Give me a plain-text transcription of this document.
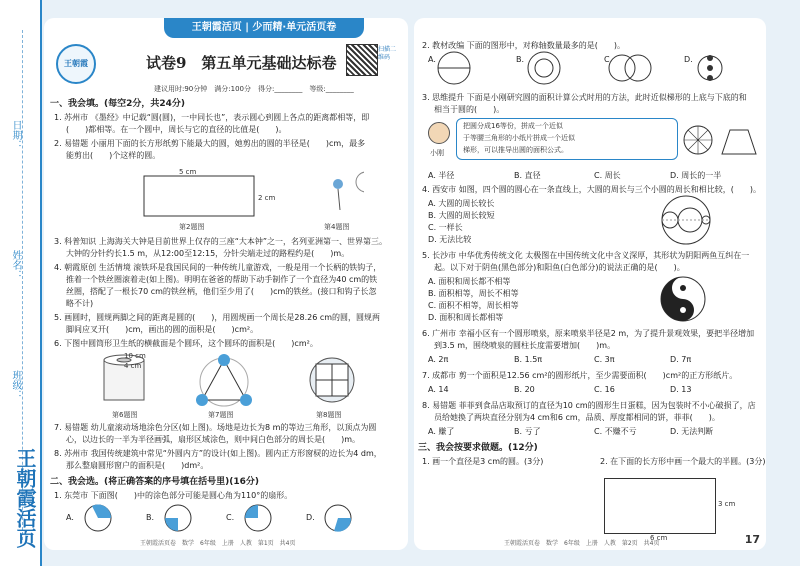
日期：
姓名：
班级：
王朝霞活页
王朝霞活页 | 少而精·单元活页卷
王朝霞	试卷9　第五单元基础达标卷
扫描二维码
建议用时:90分钟　满分:100分　得分:________　等级:________
一、我会填。(每空2分，共24分)
1. 苏州市 《墨经》中记载“圆(圆)，一中同长也”，表示圆心到圆上各点的距离都相等，即
(　　)都相等。在一个圆中，周长与它的直径的比值是(　　)。
2. 易错题 小丽用下面的长方形纸剪下能最大的圆，她剪出的圆的半径是(　　)cm，最多
能剪出(　　)个这样的圆。
5 cm
2 cm
第2题图	第4题图
3. 科普知识 上海海关大钟是目前世界上仅存的三座“大本钟”之一，名列亚洲第一、世界第三。
大钟的分针约长1.5 m，从12:00至12:15，分针尖端走过的路程约是(　　)m。
4. 朝霞原创 生活情境 滚铁环是我国民间的一种传统儿童游戏，一般是用一个长柄的铁钩子，
推着一个铁丝圈滚着走(如上图)。明明在爸爸的帮助下动手制作了一个直径为40 cm的铁
丝圈，搭配了一根长70 cm的铁丝柄，他们至少用了(　　)cm的铁丝。(接口和钩子长忽
略不计)
5. 画圆时，圆规两脚之间的距离是圆的(　　)，用圆规画一个周长是28.26 cm的圆，圆规两
脚间应叉开(　　)cm，画出的圆的面积是(　　)cm²。
6. 下图中圆筒形卫生纸的横截面是个圆环，这个圆环的面积是(　　)cm²。
10 cm
4 cm
第6题图	第7题图	第8题图
7. 易错题 幼儿童滚动场地涂色分区(如上图)。场地是边长为8 m的等边三角形，以顶点为圆
心，以边长的一半为半径画弧，扇形区域涂色，则中间白色部分的周长是(　　)m。
8. 苏州市 我国传统建筑中常见“外圆内方”的设计(如上图)。圆内正方形窗棂的边长为4 dm，
那么整扇圆形窗户的面积是(　　)dm²。
二、我会选。(将正确答案的序号填在括号里)(16分)
1. 东莞市 下面图(　　)中的涂色部分可能是圆心角为110°的扇形。
A.	B.	C.	D.
王朝霞活页卷　数学　6年级　上册　人教　第1页　共4页
2. 教材改编 下面的图形中，对称轴数量最多的是(　　)。
A.	B.	C.	D.
3. 思维提升 下面是小刚研究圆的面积计算公式时用的方法，此时近似梯形的上底与下底的和
相当于圆的(　　)。
小刚
把圆分成16等份，拼成一个近似
于等腰三角形的小纸片拼成一个近似
梯形，可以推导出圆的面积公式。
A. 半径	B. 直径	C. 周长	D. 周长的一半
4. 西安市 如图，四个圆的圆心在一条直线上，大圆的周长与三个小圆的周长和相比较，(　　)。
A. 大圆的周长较长
B. 大圆的周长较短
C. 一样长
D. 无法比较
5. 长沙市 中华优秀传统文化 太极图在中国传统文化中含义深厚，其形状为阴阳两鱼互纠在一
起。以下对于阴鱼(黑色部分)和阳鱼(白色部分)的说法正确的是(　　)。
A. 面积和周长都不相等
B. 面积相等，周长不相等
C. 面积不相等，周长相等
D. 面积和周长都相等
6. 广州市 幸福小区有一个圆形喷泉，原来喷泉半径是2 m，为了提升景观效果，要把半径增加
到3.5 m，围绕喷泉的圆柱长度需要增加(　　)m。
A. 2π	B. 1.5π	C. 3π	D. 7π
7. 成都市 剪一个面积是12.56 cm²的圆形纸片，至少需要面积(　　)cm²的正方形纸片。
A. 14	B. 20	C. 16	D. 13
8. 易错题 菲菲到食品店取预订的直径为10 cm的圆形生日蛋糕，因为包装时不小心破损了，店
员给她换了两块直径分别为4 cm和6 cm，品质、厚度都相同的饼，菲菲(　　)。
A. 赚了	B. 亏了	C. 不赚不亏	D. 无法判断
三、我会按要求做题。(12分)
1. 画一个直径是3 cm的圆。(3分)	2. 在下面的长方形中画一个最大的半圆。(3分)
3 cm
6 cm
王朝霞活页卷　数学　6年级　上册　人教　第2页　共4页	17
